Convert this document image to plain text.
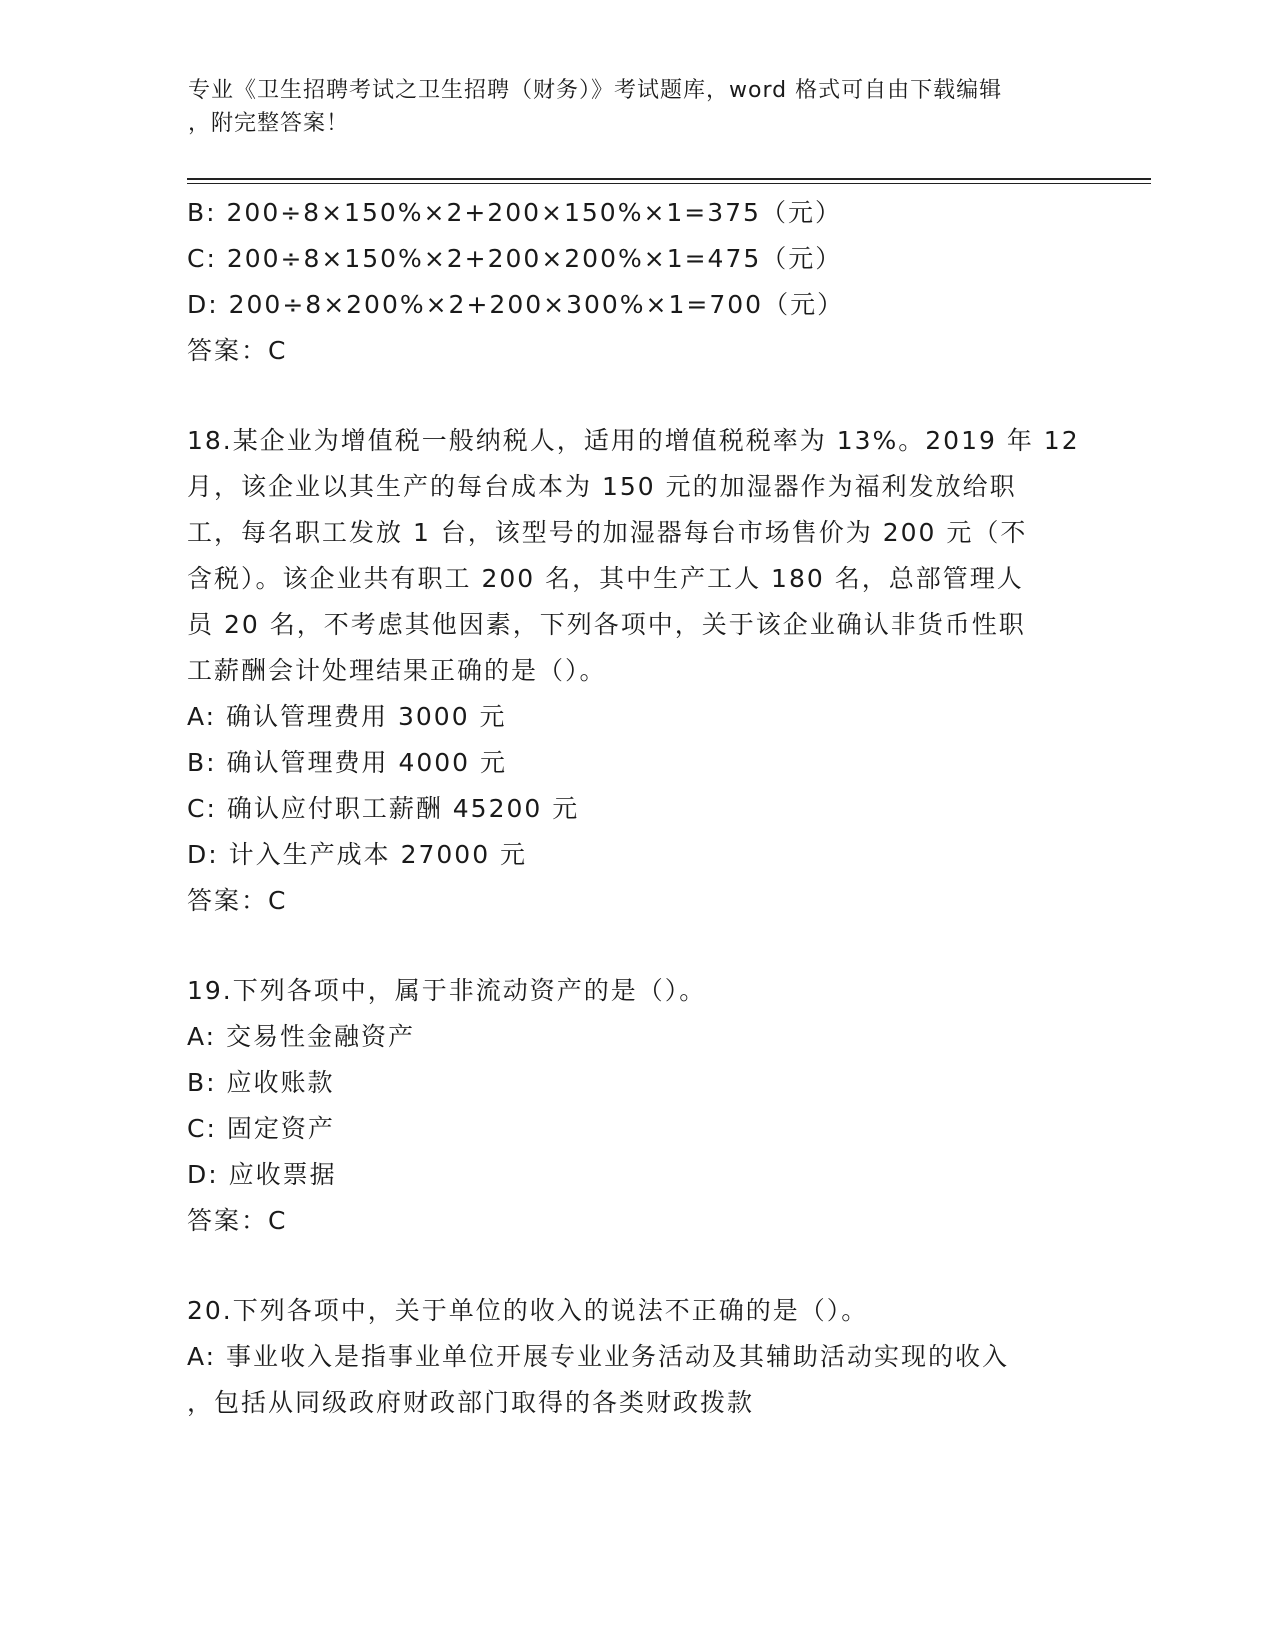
专业《卫生招聘考试之卫生招聘（财务）》考试题库，word 格式可自由下载编辑
，附完整答案！
B: 200÷8×150%×2+200×150%×1=375（元）
C: 200÷8×150%×2+200×200%×1=475（元）
D: 200÷8×200%×2+200×300%×1=700（元）
答案：C
18.某企业为增值税一般纳税人，适用的增值税税率为 13%。2019 年 12
月，该企业以其生产的每台成本为 150 元的加湿器作为福利发放给职
工，每名职工发放 1 台，该型号的加湿器每台市场售价为 200 元（不
含税）。该企业共有职工 200 名，其中生产工人 180 名，总部管理人
员 20 名，不考虑其他因素，下列各项中，关于该企业确认非货币性职
工薪酬会计处理结果正确的是（）。
A: 确认管理费用 3000 元
B: 确认管理费用 4000 元
C: 确认应付职工薪酬 45200 元
D: 计入生产成本 27000 元
答案：C
19.下列各项中，属于非流动资产的是（）。
A: 交易性金融资产
B: 应收账款
C: 固定资产
D: 应收票据
答案：C
20.下列各项中，关于单位的收入的说法不正确的是（）。
A: 事业收入是指事业单位开展专业业务活动及其辅助活动实现的收入
，包括从同级政府财政部门取得的各类财政拨款
